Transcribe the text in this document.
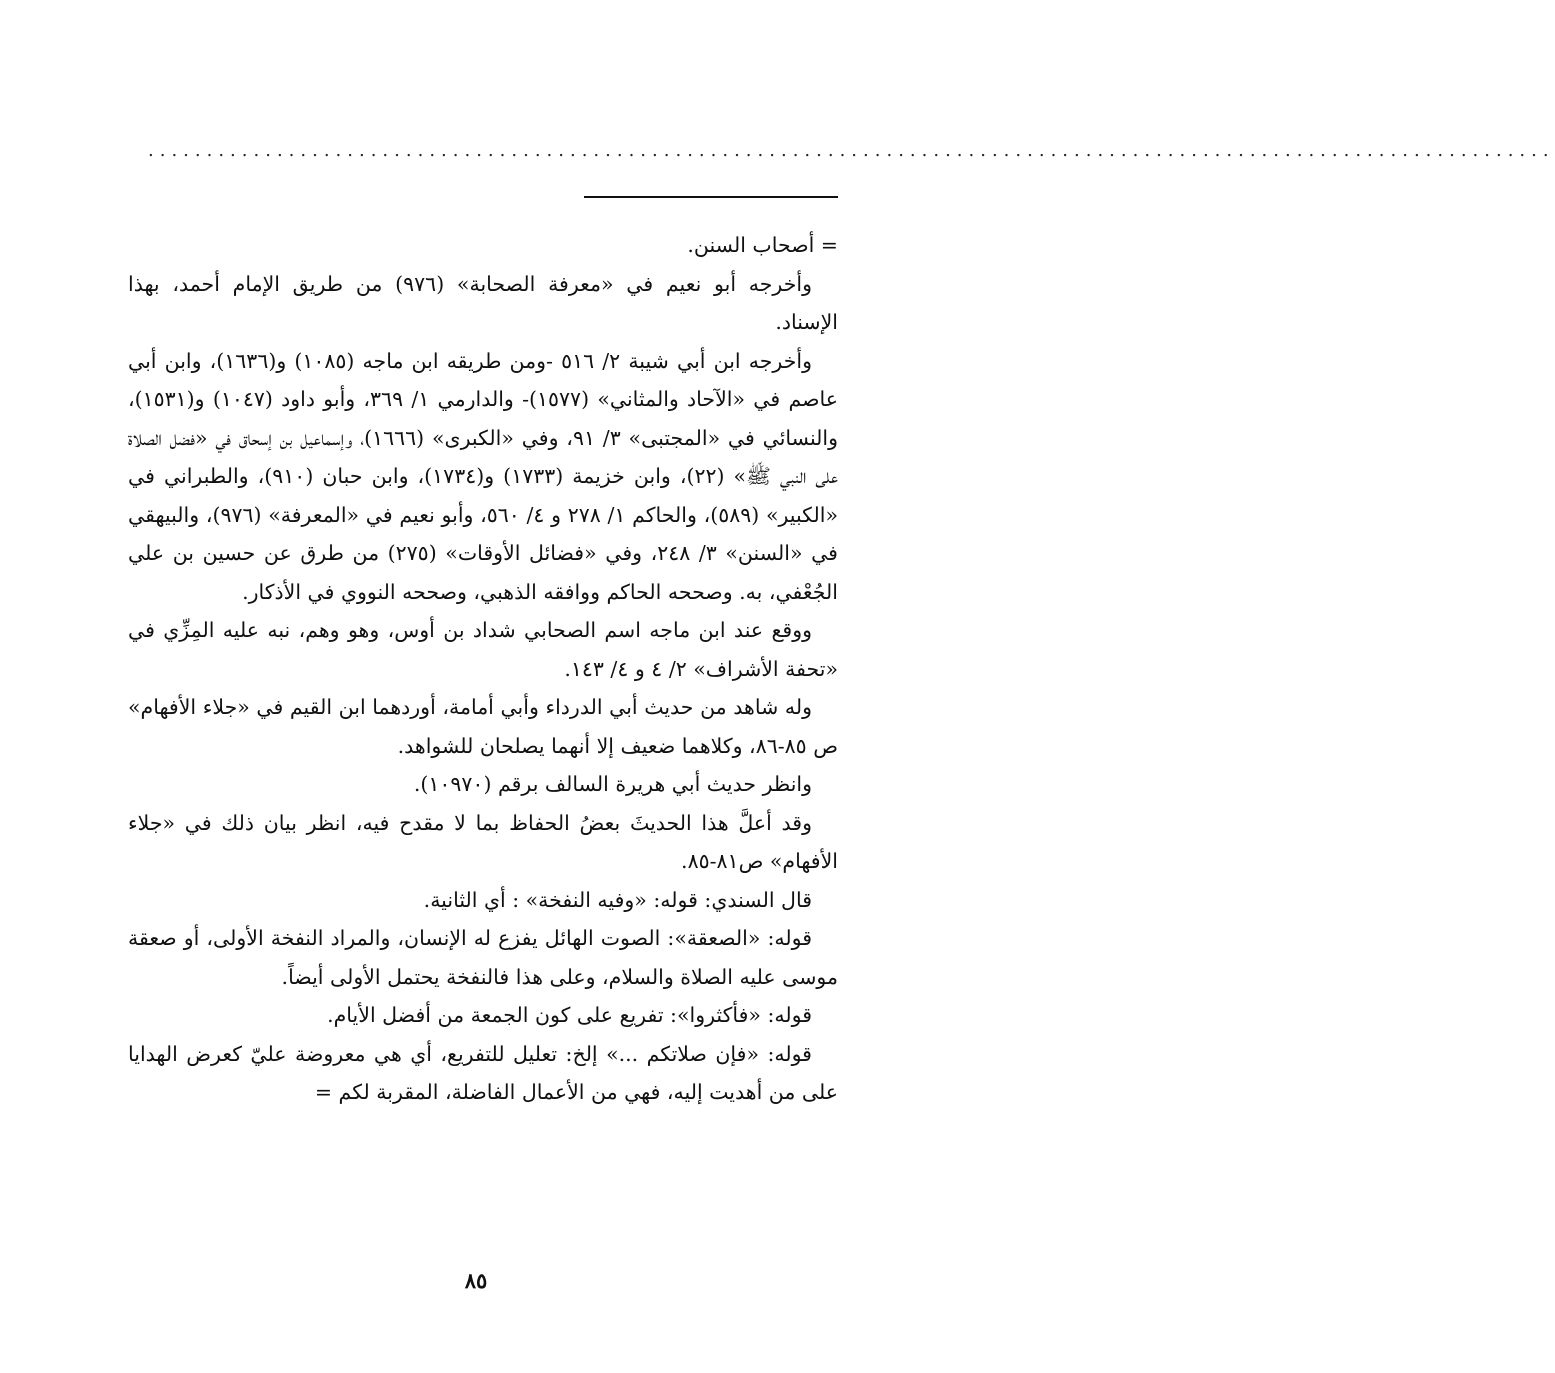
........................................................................................................................

= أصحاب السنن.

وأخرجه أبو نعيم في «معرفة الصحابة» (٩٧٦) من طريق الإمام أحمد، بهذا الإسناد.

وأخرجه ابن أبي شيبة ٢/ ٥١٦ -ومن طريقه ابن ماجه (١٠٨٥) و(١٦٣٦)، وابن أبي عاصم في «الآحاد والمثاني» (١٥٧٧)- والدارمي ١/ ٣٦٩، وأبو داود (١٠٤٧) و(١٥٣١)، والنسائي في «المجتبى» ٣/ ٩١، وفي «الكبرى» (١٦٦٦)، وإسماعيل بن إسحاق في «فضل الصلاة على النبي ﷺ» (٢٢)، وابن خزيمة (١٧٣٣) و(١٧٣٤)، وابن حبان (٩١٠)، والطبراني في «الكبير» (٥٨٩)، والحاكم ١/ ٢٧٨ و ٤/ ٥٦٠، وأبو نعيم في «المعرفة» (٩٧٦)، والبيهقي في «السنن» ٣/ ٢٤٨، وفي «فضائل الأوقات» (٢٧٥) من طرق عن حسين بن علي الجُعْفي، به. وصححه الحاكم ووافقه الذهبي، وصححه النووي في الأذكار.

ووقع عند ابن ماجه اسم الصحابي شداد بن أوس، وهو وهم، نبه عليه المِزِّي في «تحفة الأشراف» ٢/ ٤ و ٤/ ١٤٣.

وله شاهد من حديث أبي الدرداء وأبي أمامة، أوردهما ابن القيم في «جلاء الأفهام» ص ٨٥-٨٦، وكلاهما ضعيف إلا أنهما يصلحان للشواهد.

وانظر حديث أبي هريرة السالف برقم (١٠٩٧٠).

وقد أعلَّ هذا الحديثَ بعضُ الحفاظ بما لا مقدح فيه، انظر بيان ذلك في «جلاء الأفهام» ص٨١-٨٥.

قال السندي: قوله: «وفيه النفخة» : أي الثانية.

قوله: «الصعقة»: الصوت الهائل يفزع له الإنسان، والمراد النفخة الأولى، أو صعقة موسى عليه الصلاة والسلام، وعلى هذا فالنفخة يحتمل الأولى أيضاً.

قوله: «فأكثروا»: تفريع على كون الجمعة من أفضل الأيام.

قوله: «فإن صلاتكم ...» إلخ: تعليل للتفريع، أي هي معروضة عليّ كعرض الهدايا على من أهديت إليه، فهي من الأعمال الفاضلة، المقربة لكم =

٨٥
